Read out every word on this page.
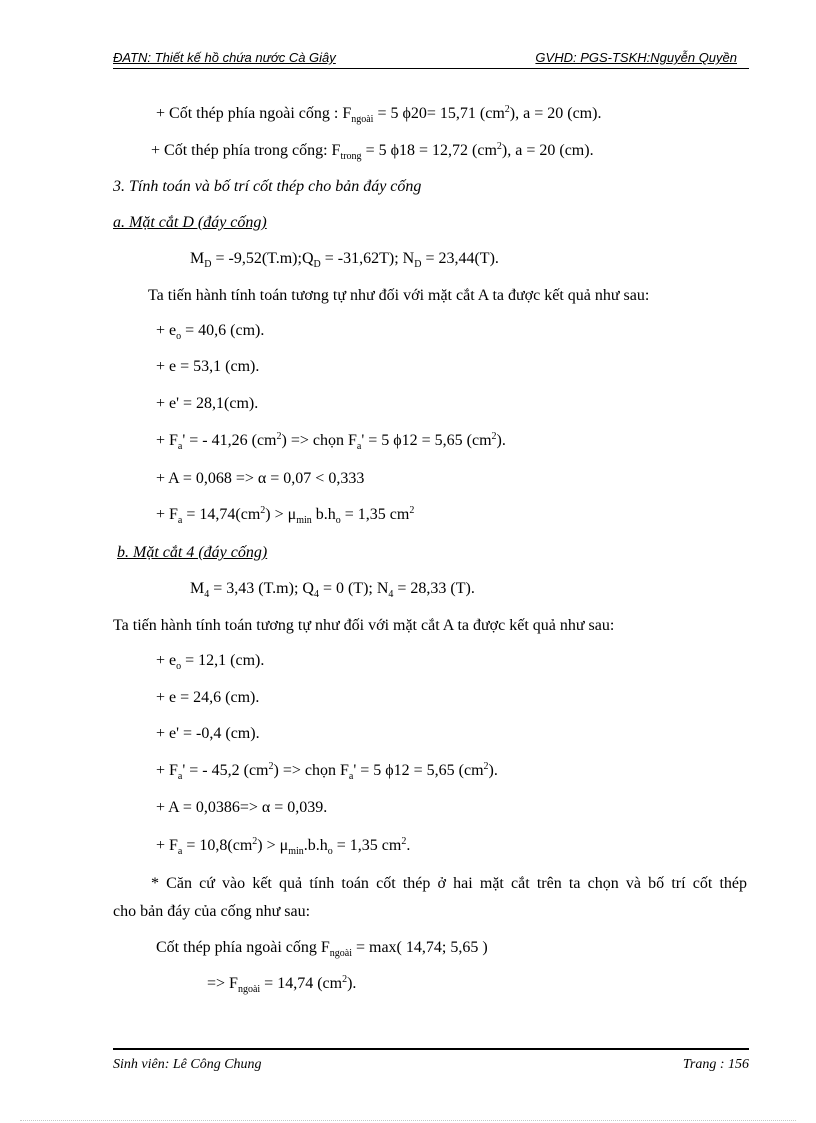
ĐATN: Thiết kế hồ chứa nước Cà Giây	GVHD: PGS-TSKH:Nguyễn Quyền
+ Cốt thép phía ngoài cống : $F_{ngoài} = 5$ ϕ20= 15,71 $(cm^2)$, a = 20 (cm).
+ Cốt thép phía trong cống: $F_{trong} = 5$ ϕ18 = 12,72 $(cm^2)$, a = 20 (cm).
3. Tính toán và bố trí cốt thép cho bản đáy cống
a. Mặt cắt D (đáy cống)
$M_D$ = $-9,52(T.m);Q_D = -31,62T$); $N_D = 23,44(T)$.
Ta tiến hành tính toán tương tự như đối với mặt cắt A ta được kết quả như sau:
+ $e_o = 40,6$ (cm).
+ e = 53,1 (cm).
+ e' = 28,1(cm).
+ $F_a'$ = - 41,26 $(cm^2)$ => chọn $F_a' = 5$ ϕ12 = 5,65 $(cm^2)$.
+ A = 0,068 => α = 0,07 < 0,333
+ $F_a = 14,74(cm^2) > \mu_{min}$ $b.h_o = 1,35$ $cm^2$
b. Mặt cắt 4 (đáy cống)
$M_4 = 3,43$ (T.m); $Q_4 = 0$ (T); $N_4 = 28,33$ (T).
Ta tiến hành tính toán tương tự như đối với mặt cắt A ta được kết quả như sau:
+ $e_o = 12,1$ (cm).
+ e = 24,6 (cm).
+ e' = -0,4 (cm).
+ $F_a'$ = - 45,2 $(cm^2)$ => chọn $F_a' = 5$ ϕ12 = 5,65 $(cm^2)$.
+ A = 0,0386=> α = 0,039.
+ $F_a = 10,8(cm^2) > \mu_{min}.b.h_o = 1,35$ $cm^2$.
* Căn cứ vào kết quả tính toán cốt thép ở hai mặt cắt trên ta chọn và bố trí cốt thép
cho bản đáy của cống như sau:
Cốt thép phía ngoài cống $F_{ngoài} = \max$( 14,74; 5,65 )
=> $F_{ngoài} = 14,74$ $(cm^2)$.
Sinh viên: Lê Công Chung	Trang : 156
